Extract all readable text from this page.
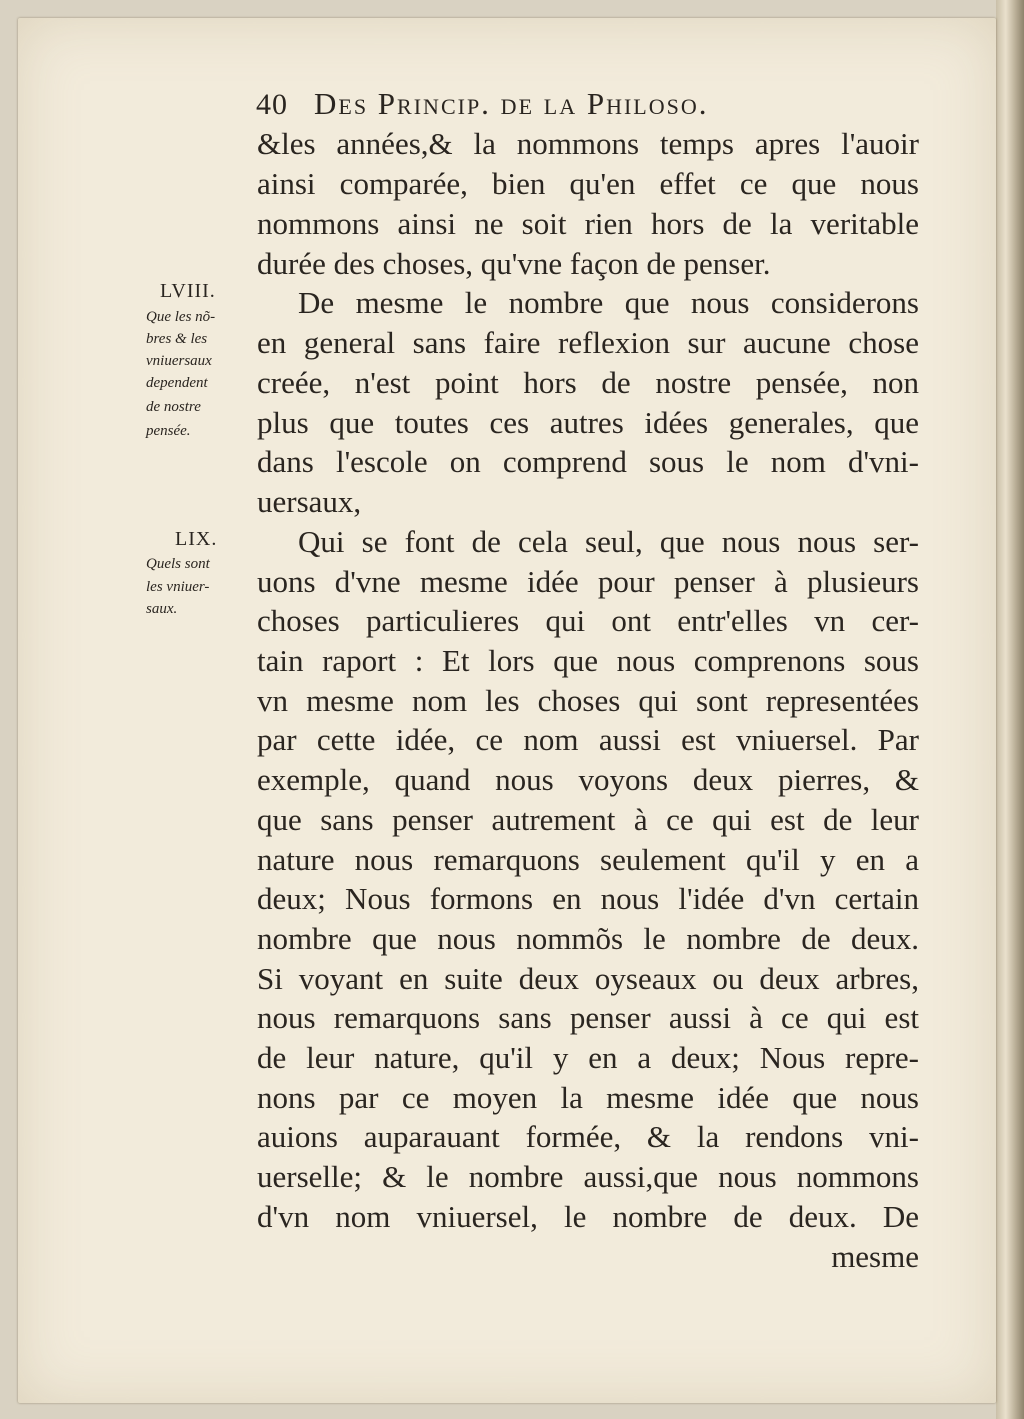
40 Des Princip. de la Philoso.
LVIII.
Que les nõ-
bres & les
vniuersaux
dependent
de nostre
pensée.
LIX.
Quels sont
les vniuer-
saux.
&les années,& la nommons temps apres l'auoir
ainsi comparée, bien qu'en effet ce que nous
nommons ainsi ne soit rien hors de la veritable
durée des choses, qu'vne façon de penser.
De mesme le nombre que nous considerons
en general sans faire reflexion sur aucune chose
creée, n'est point hors de nostre pensée, non
plus que toutes ces autres idées generales, que
dans l'escole on comprend sous le nom d'vni-
uersaux,
Qui se font de cela seul, que nous nous ser-
uons d'vne mesme idée pour penser à plusieurs
choses particulieres qui ont entr'elles vn cer-
tain raport : Et lors que nous comprenons sous
vn mesme nom les choses qui sont representées
par cette idée, ce nom aussi est vniuersel. Par
exemple, quand nous voyons deux pierres, &
que sans penser autrement à ce qui est de leur
nature nous remarquons seulement qu'il y en a
deux; Nous formons en nous l'idée d'vn certain
nombre que nous nommõs le nombre de deux.
Si voyant en suite deux oyseaux ou deux arbres,
nous remarquons sans penser aussi à ce qui est
de leur nature, qu'il y en a deux; Nous repre-
nons par ce moyen la mesme idée que nous
auions auparauant formée, & la rendons vni-
uerselle; & le nombre aussi,que nous nommons
d'vn nom vniuersel, le nombre de deux. De
mesme
